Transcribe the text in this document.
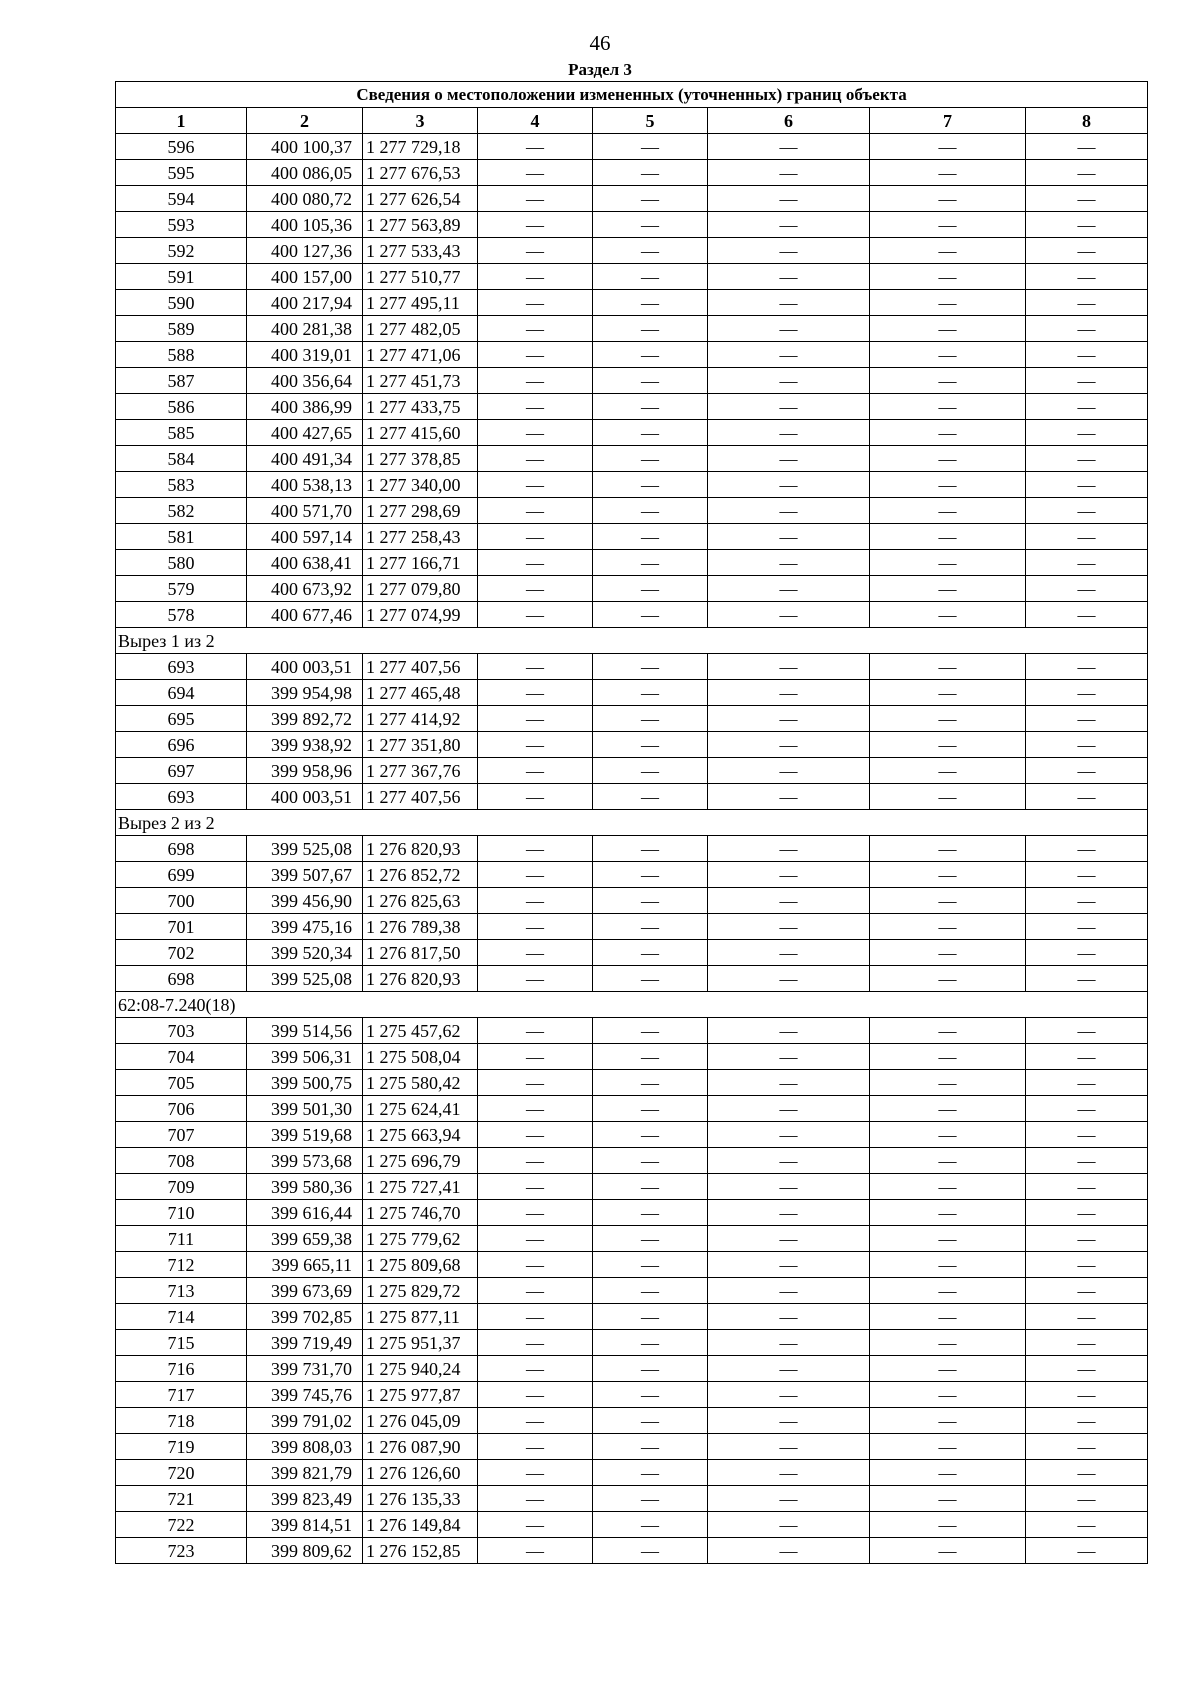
46
Раздел 3
Сведения о местоположении измененных (уточненных) границ объекта							
1	2	3	4	5	6	7	8
596	400 100,37	1 277 729,18	—	—	—	—	—
595	400 086,05	1 277 676,53	—	—	—	—	—
594	400 080,72	1 277 626,54	—	—	—	—	—
593	400 105,36	1 277 563,89	—	—	—	—	—
592	400 127,36	1 277 533,43	—	—	—	—	—
591	400 157,00	1 277 510,77	—	—	—	—	—
590	400 217,94	1 277 495,11	—	—	—	—	—
589	400 281,38	1 277 482,05	—	—	—	—	—
588	400 319,01	1 277 471,06	—	—	—	—	—
587	400 356,64	1 277 451,73	—	—	—	—	—
586	400 386,99	1 277 433,75	—	—	—	—	—
585	400 427,65	1 277 415,60	—	—	—	—	—
584	400 491,34	1 277 378,85	—	—	—	—	—
583	400 538,13	1 277 340,00	—	—	—	—	—
582	400 571,70	1 277 298,69	—	—	—	—	—
581	400 597,14	1 277 258,43	—	—	—	—	—
580	400 638,41	1 277 166,71	—	—	—	—	—
579	400 673,92	1 277 079,80	—	—	—	—	—
578	400 677,46	1 277 074,99	—	—	—	—	—
Вырез 1 из 2							
693	400 003,51	1 277 407,56	—	—	—	—	—
694	399 954,98	1 277 465,48	—	—	—	—	—
695	399 892,72	1 277 414,92	—	—	—	—	—
696	399 938,92	1 277 351,80	—	—	—	—	—
697	399 958,96	1 277 367,76	—	—	—	—	—
693	400 003,51	1 277 407,56	—	—	—	—	—
Вырез 2 из 2							
698	399 525,08	1 276 820,93	—	—	—	—	—
699	399 507,67	1 276 852,72	—	—	—	—	—
700	399 456,90	1 276 825,63	—	—	—	—	—
701	399 475,16	1 276 789,38	—	—	—	—	—
702	399 520,34	1 276 817,50	—	—	—	—	—
698	399 525,08	1 276 820,93	—	—	—	—	—
62:08-7.240(18)							
703	399 514,56	1 275 457,62	—	—	—	—	—
704	399 506,31	1 275 508,04	—	—	—	—	—
705	399 500,75	1 275 580,42	—	—	—	—	—
706	399 501,30	1 275 624,41	—	—	—	—	—
707	399 519,68	1 275 663,94	—	—	—	—	—
708	399 573,68	1 275 696,79	—	—	—	—	—
709	399 580,36	1 275 727,41	—	—	—	—	—
710	399 616,44	1 275 746,70	—	—	—	—	—
711	399 659,38	1 275 779,62	—	—	—	—	—
712	399 665,11	1 275 809,68	—	—	—	—	—
713	399 673,69	1 275 829,72	—	—	—	—	—
714	399 702,85	1 275 877,11	—	—	—	—	—
715	399 719,49	1 275 951,37	—	—	—	—	—
716	399 731,70	1 275 940,24	—	—	—	—	—
717	399 745,76	1 275 977,87	—	—	—	—	—
718	399 791,02	1 276 045,09	—	—	—	—	—
719	399 808,03	1 276 087,90	—	—	—	—	—
720	399 821,79	1 276 126,60	—	—	—	—	—
721	399 823,49	1 276 135,33	—	—	—	—	—
722	399 814,51	1 276 149,84	—	—	—	—	—
723	399 809,62	1 276 152,85	—	—	—	—	—
